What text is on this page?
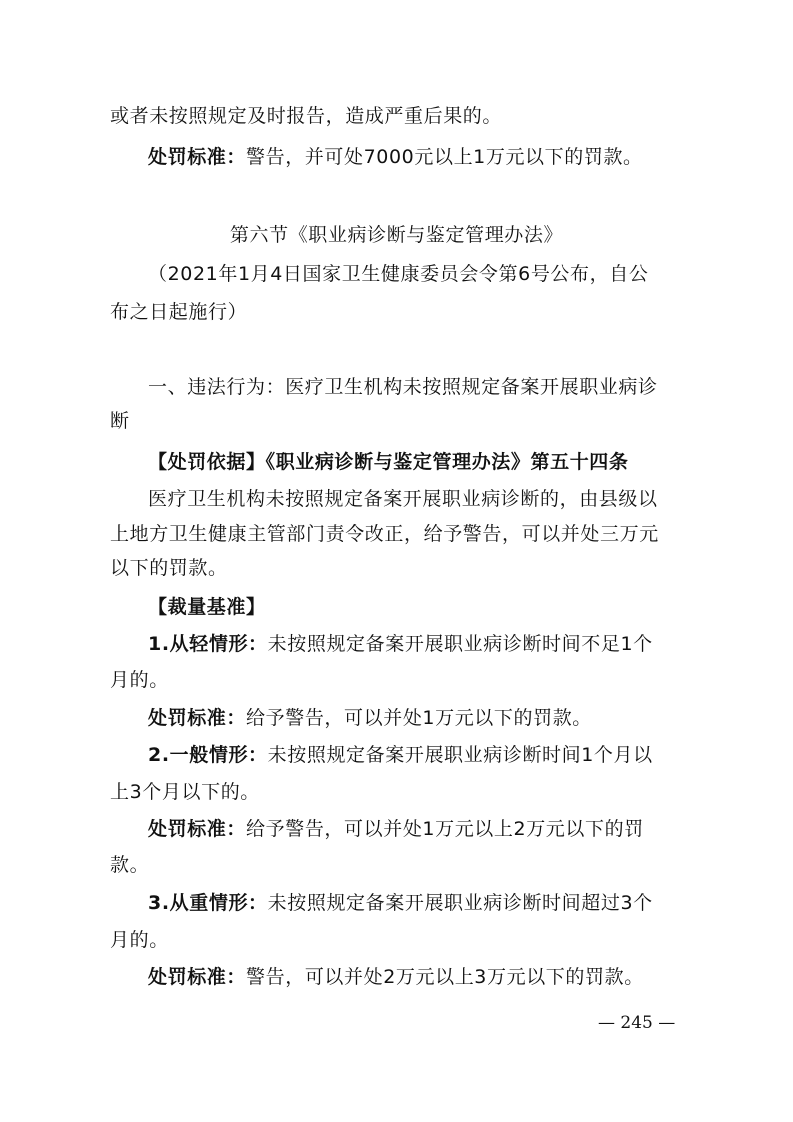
或者未按照规定及时报告，造成严重后果的。
处罚标准：警告，并可处7000元以上1万元以下的罚款。
第六节《职业病诊断与鉴定管理办法》
（2021年1月4日国家卫生健康委员会令第6号公布，自公
布之日起施行）
一、违法行为：医疗卫生机构未按照规定备案开展职业病诊
断
【处罚依据】《职业病诊断与鉴定管理办法》第五十四条
医疗卫生机构未按照规定备案开展职业病诊断的，由县级以
上地方卫生健康主管部门责令改正，给予警告，可以并处三万元
以下的罚款。
【裁量基准】
1.从轻情形：未按照规定备案开展职业病诊断时间不足1个
月的。
处罚标准：给予警告，可以并处1万元以下的罚款。
2.一般情形：未按照规定备案开展职业病诊断时间1个月以
上3个月以下的。
处罚标准：给予警告，可以并处1万元以上2万元以下的罚
款。
3.从重情形：未按照规定备案开展职业病诊断时间超过3个
月的。
处罚标准：警告，可以并处2万元以上3万元以下的罚款。
— 245 —
